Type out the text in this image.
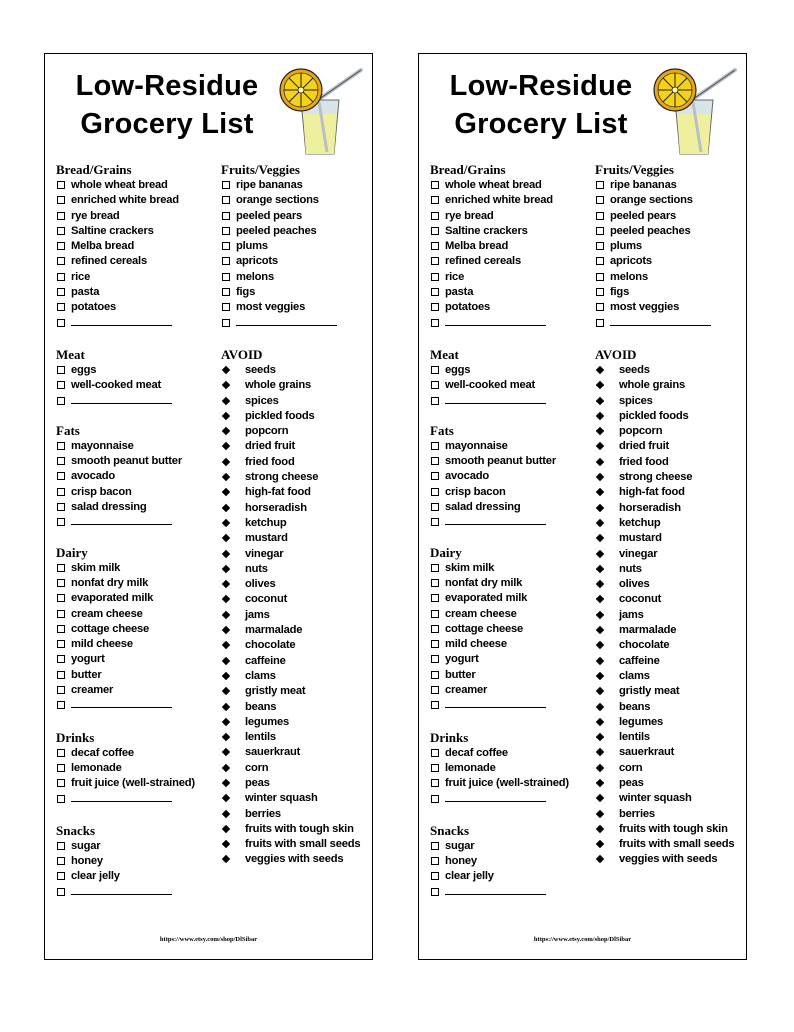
Low-Residue
Grocery List
Bread/Grains
whole wheat bread
enriched white bread
rye bread
Saltine crackers
Melba bread
refined cereals
rice
pasta
potatoes
Meat
eggs
well-cooked meat
Fats
mayonnaise
smooth peanut butter
avocado
crisp bacon
salad dressing
Dairy
skim milk
nonfat dry milk
evaporated milk
cream cheese
cottage cheese
mild cheese
yogurt
butter
creamer
Drinks
decaf coffee
lemonade
fruit juice (well-strained)
Snacks
sugar
honey
clear jelly
Fruits/Veggies
ripe bananas
orange sections
peeled pears
peeled peaches
plums
apricots
melons
figs
most veggies
AVOID
seeds
whole grains
spices
pickled foods
popcorn
dried fruit
fried food
strong cheese
high-fat food
horseradish
ketchup
mustard
vinegar
nuts
olives
coconut
jams
marmalade
chocolate
caffeine
clams
gristly meat
beans
legumes
lentils
sauerkraut
corn
peas
winter squash
berries
fruits with tough skin
fruits with small seeds
veggies with seeds
https://www.etsy.com/shop/DlSibar
Low-Residue
Grocery List
Bread/Grains
whole wheat bread
enriched white bread
rye bread
Saltine crackers
Melba bread
refined cereals
rice
pasta
potatoes
Meat
eggs
well-cooked meat
Fats
mayonnaise
smooth peanut butter
avocado
crisp bacon
salad dressing
Dairy
skim milk
nonfat dry milk
evaporated milk
cream cheese
cottage cheese
mild cheese
yogurt
butter
creamer
Drinks
decaf coffee
lemonade
fruit juice (well-strained)
Snacks
sugar
honey
clear jelly
Fruits/Veggies
ripe bananas
orange sections
peeled pears
peeled peaches
plums
apricots
melons
figs
most veggies
AVOID
seeds
whole grains
spices
pickled foods
popcorn
dried fruit
fried food
strong cheese
high-fat food
horseradish
ketchup
mustard
vinegar
nuts
olives
coconut
jams
marmalade
chocolate
caffeine
clams
gristly meat
beans
legumes
lentils
sauerkraut
corn
peas
winter squash
berries
fruits with tough skin
fruits with small seeds
veggies with seeds
https://www.etsy.com/shop/DlSibar
